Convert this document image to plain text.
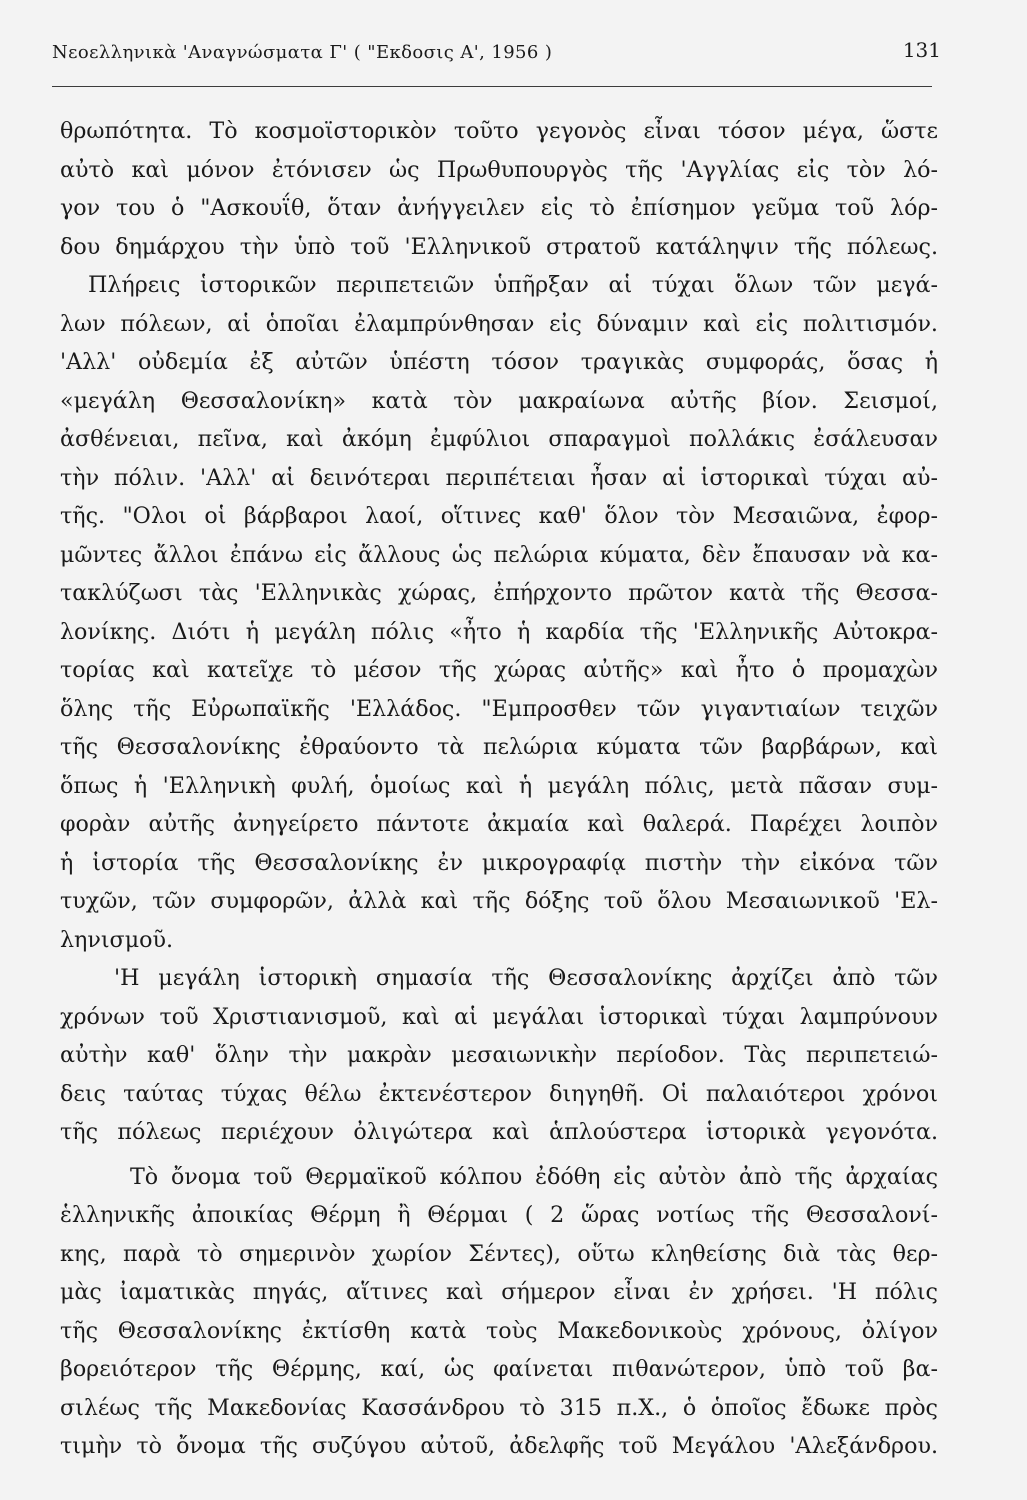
Νεοελληνικὰ 'Αναγνώσματα Γ' ( "Εκδοσις Α', 1956 )	131
θρωπότητα. Τὸ κοσμοϊστορικὸν τοῦτο γεγονὸς εἶναι τόσον μέγα, ὥστε
αὐτὸ καὶ μόνον ἐτόνισεν ὡς Πρωθυπουργὸς τῆς 'Αγγλίας εἰς τὸν λό-
γον του ὁ "Ασκουΐθ, ὅταν ἀνήγγειλεν εἰς τὸ ἐπίσημον γεῦμα τοῦ λόρ-
δου δημάρχου τὴν ὑπὸ τοῦ 'Ελληνικοῦ στρατοῦ κατάληψιν τῆς πόλεως.
Πλήρεις ἱστορικῶν περιπετειῶν ὑπῆρξαν αἱ τύχαι ὅλων τῶν μεγά-
λων πόλεων, αἱ ὁποῖαι ἐλαμπρύνθησαν εἰς δύναμιν καὶ εἰς πολιτισμόν.
'Αλλ' οὐδεμία ἐξ αὐτῶν ὑπέστη τόσον τραγικὰς συμφοράς, ὅσας ἡ
«μεγάλη Θεσσαλονίκη» κατὰ τὸν μακραίωνα αὐτῆς βίον. Σεισμοί,
ἀσθένειαι, πεῖνα, καὶ ἀκόμη ἐμφύλιοι σπαραγμοὶ πολλάκις ἐσάλευσαν
τὴν πόλιν. 'Αλλ' αἱ δεινότεραι περιπέτειαι ἦσαν αἱ ἱστορικαὶ τύχαι αὐ-
τῆς. "Ολοι οἱ βάρβαροι λαοί, οἵτινες καθ' ὅλον τὸν Μεσαιῶνα, ἐφορ-
μῶντες ἄλλοι ἐπάνω εἰς ἄλλους ὡς πελώρια κύματα, δὲν ἔπαυσαν νὰ κα-
τακλύζωσι τὰς 'Ελληνικὰς χώρας, ἐπήρχοντο πρῶτον κατὰ τῆς Θεσσα-
λονίκης. Διότι ἡ μεγάλη πόλις «ἦτο ἡ καρδία τῆς 'Ελληνικῆς Αὐτοκρα-
τορίας καὶ κατεῖχε τὸ μέσον τῆς χώρας αὐτῆς» καὶ ἦτο ὁ προμαχὼν
ὅλης τῆς Εὐρωπαϊκῆς 'Ελλάδος. "Εμπροσθεν τῶν γιγαντιαίων τειχῶν
τῆς Θεσσαλονίκης ἐθραύοντο τὰ πελώρια κύματα τῶν βαρβάρων, καὶ
ὅπως ἡ 'Ελληνικὴ φυλή, ὁμοίως καὶ ἡ μεγάλη πόλις, μετὰ πᾶσαν συμ-
φορὰν αὐτῆς ἀνηγείρετο πάντοτε ἀκμαία καὶ θαλερά. Παρέχει λοιπὸν
ἡ ἱστορία τῆς Θεσσαλονίκης ἐν μικρογραφίᾳ πιστὴν τὴν εἰκόνα τῶν
τυχῶν, τῶν συμφορῶν, ἀλλὰ καὶ τῆς δόξης τοῦ ὅλου Μεσαιωνικοῦ 'Ελ-
ληνισμοῦ.
'Η μεγάλη ἱστορικὴ σημασία τῆς Θεσσαλονίκης ἀρχίζει ἀπὸ τῶν
χρόνων τοῦ Χριστιανισμοῦ, καὶ αἱ μεγάλαι ἱστορικαὶ τύχαι λαμπρύνουν
αὐτὴν καθ' ὅλην τὴν μακρὰν μεσαιωνικὴν περίοδον. Τὰς περιπετειώ-
δεις ταύτας τύχας θέλω ἐκτενέστερον διηγηθῆ. Οἱ παλαιότεροι χρόνοι
τῆς πόλεως περιέχουν ὀλιγώτερα καὶ ἁπλούστερα ἱστορικὰ γεγονότα.
Τὸ ὄνομα τοῦ Θερμαϊκοῦ κόλπου ἐδόθη εἰς αὐτὸν ἀπὸ τῆς ἀρχαίας
ἑλληνικῆς ἀποικίας Θέρμη ἢ Θέρμαι ( 2 ὥρας νοτίως τῆς Θεσσαλονί-
κης, παρὰ τὸ σημερινὸν χωρίον Σέντες), οὕτω κληθείσης διὰ τὰς θερ-
μὰς ἰαματικὰς πηγάς, αἵτινες καὶ σήμερον εἶναι ἐν χρήσει. 'Η πόλις
τῆς Θεσσαλονίκης ἐκτίσθη κατὰ τοὺς Μακεδονικοὺς χρόνους, ὀλίγον
βορειότερον τῆς Θέρμης, καί, ὡς φαίνεται πιθανώτερον, ὑπὸ τοῦ βα-
σιλέως τῆς Μακεδονίας Κασσάνδρου τὸ 315 π.Χ., ὁ ὁποῖος ἔδωκε πρὸς
τιμὴν τὸ ὄνομα τῆς συζύγου αὐτοῦ, ἀδελφῆς τοῦ Μεγάλου 'Αλεξάνδρου.
